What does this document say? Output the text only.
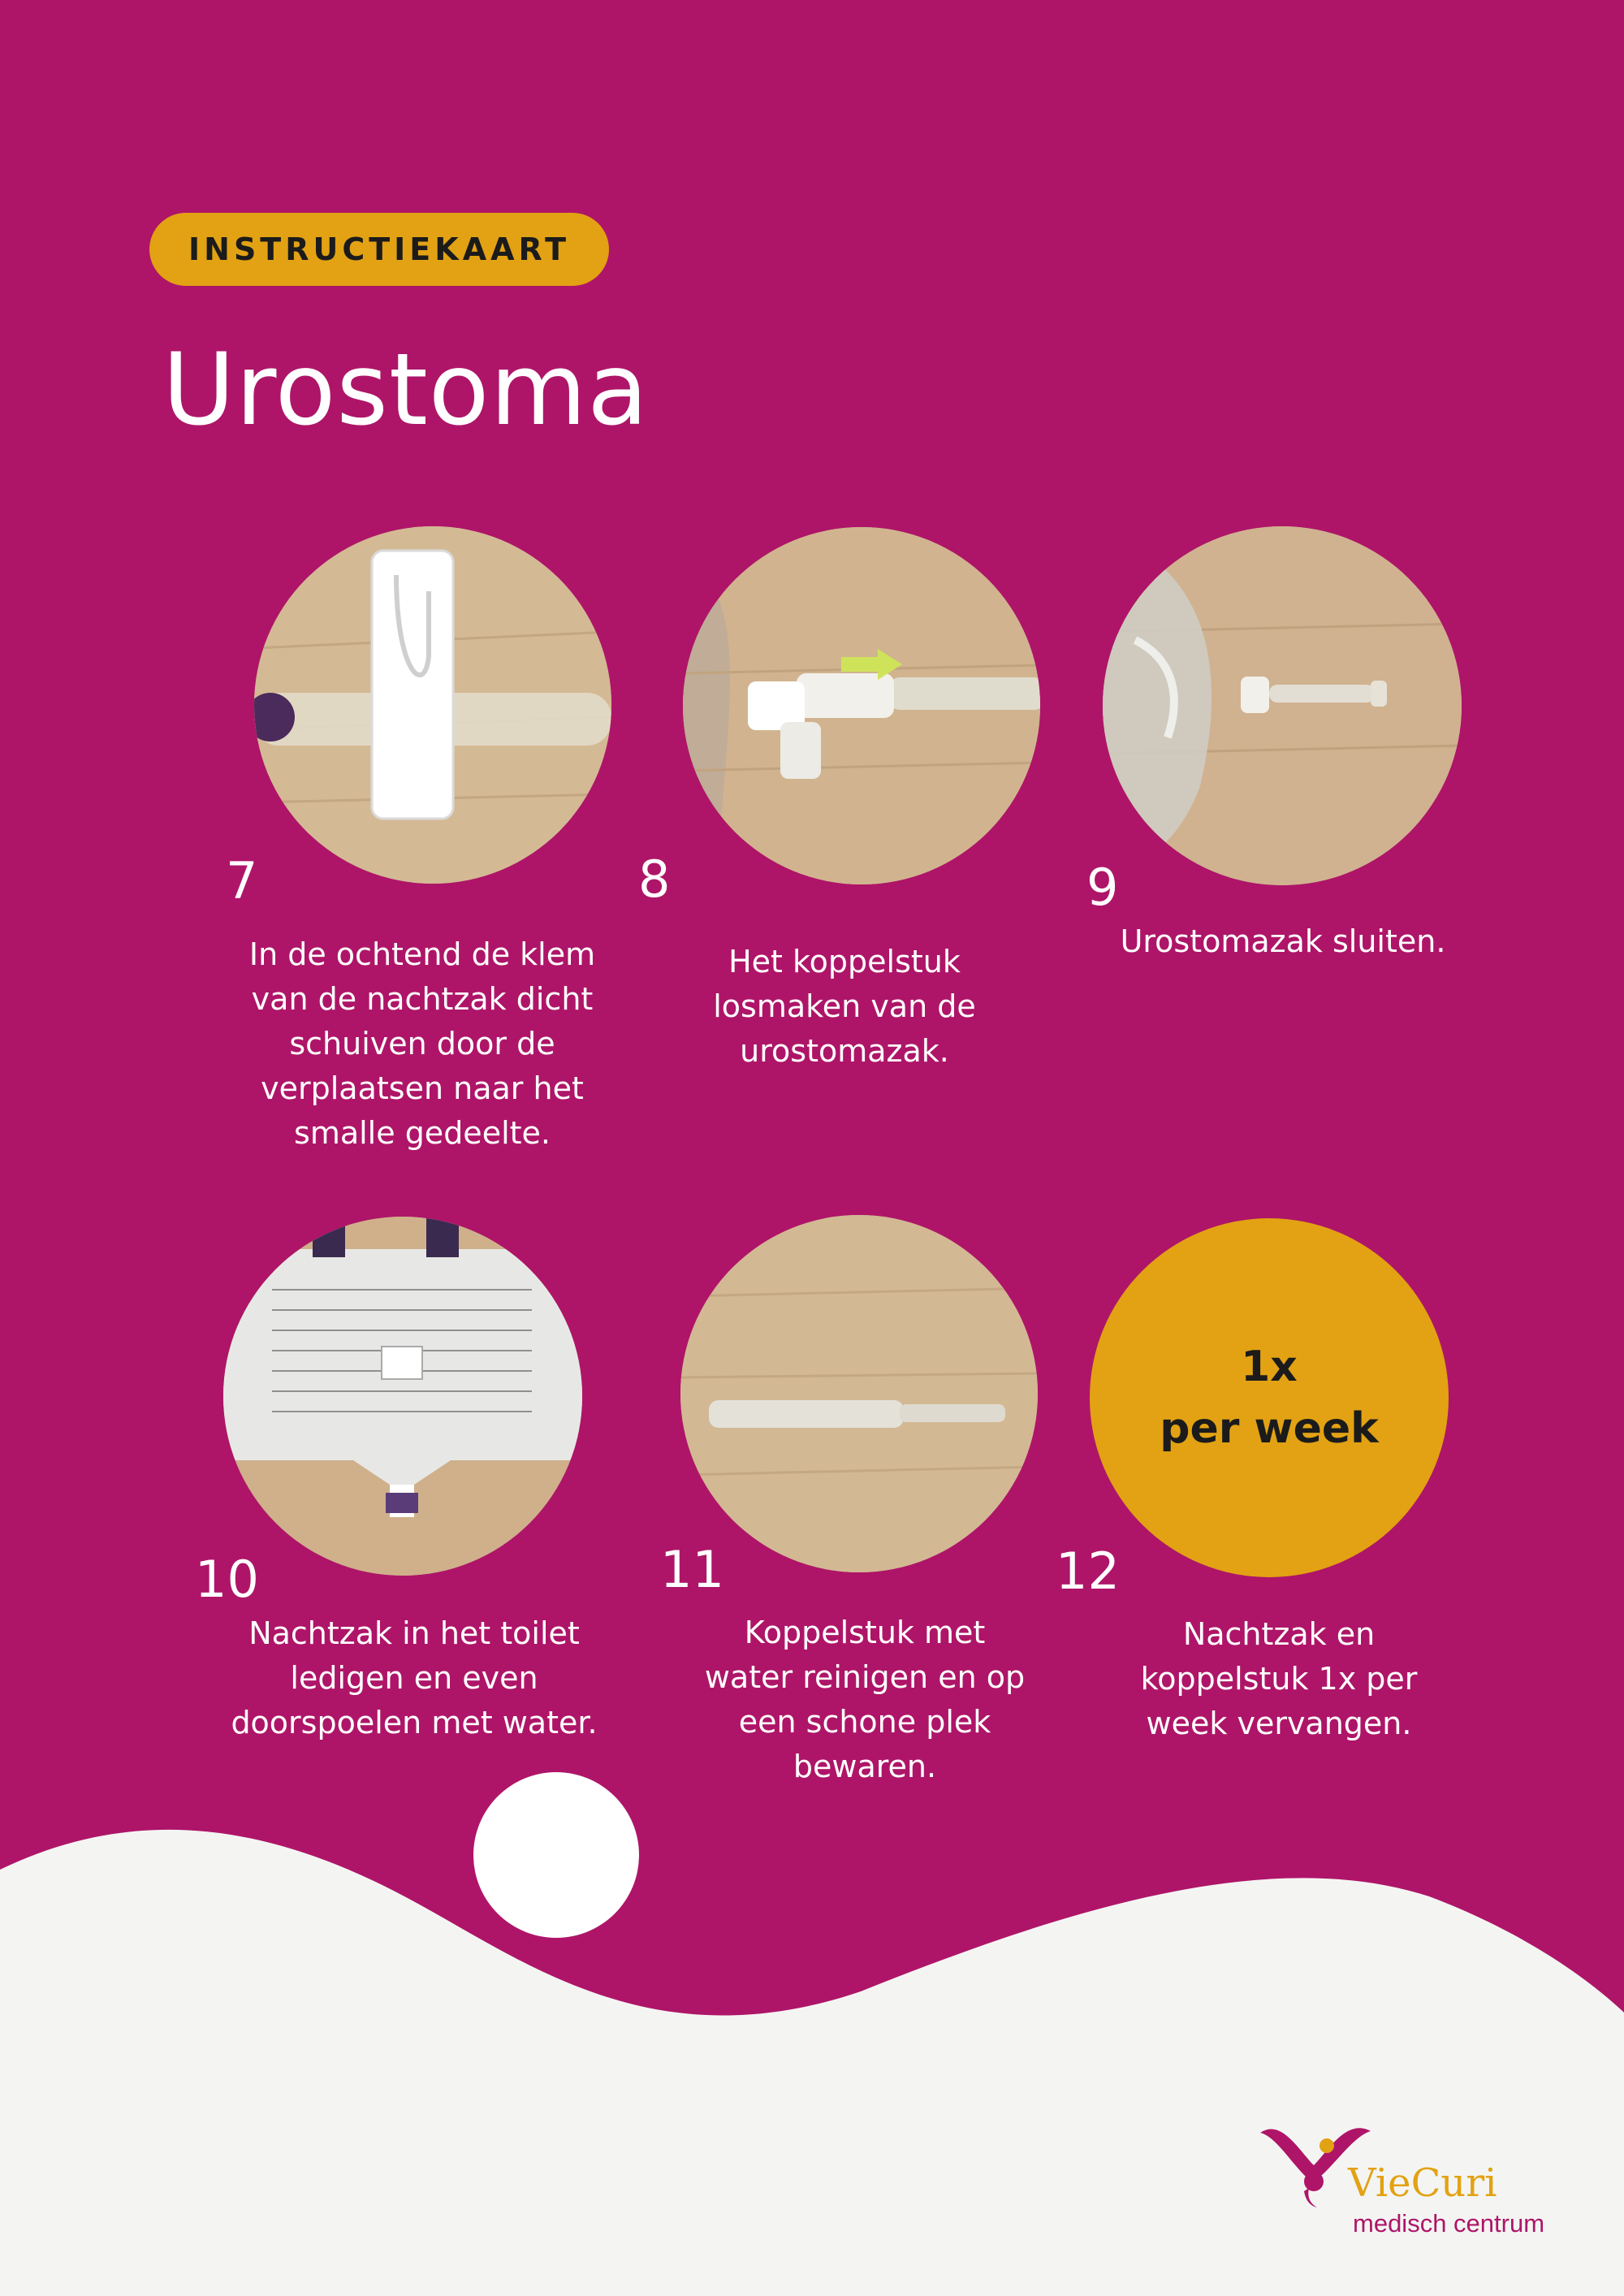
INSTRUCTIEKAART
Urostoma
7
In de ochtend de klem
van de nachtzak dicht
schuiven door de
verplaatsen naar het
smalle gedeelte.
8
Het koppelstuk
losmaken van de
urostomazak.
9
Urostomazak sluiten.
10
Nachtzak in het toilet
ledigen en even
doorspoelen met water.
11
Koppelstuk met
water reinigen en op
een schone plek
bewaren.
1x
per week
12
Nachtzak en
koppelstuk 1x per
week vervangen.
VieCuri
medisch centrum
